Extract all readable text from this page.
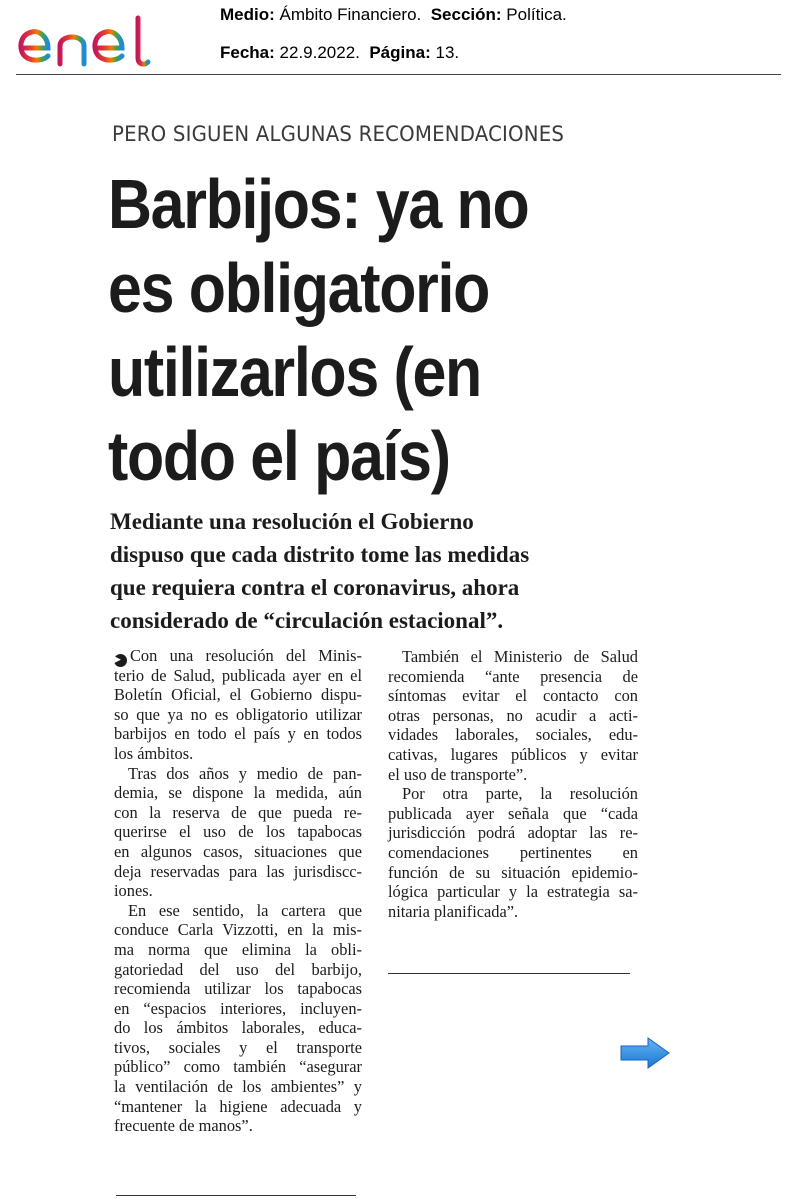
Medio: Ámbito Financiero. Sección: Política.
Fecha: 22.9.2022. Página: 13.
PERO SIGUEN ALGUNAS RECOMENDACIONES
Barbijos: ya no
es obligatorio
utilizarlos (en
todo el país)
Mediante una resolución el Gobierno
dispuso que cada distrito tome las medidas
que requiera contra el coronavirus, ahora
considerado de “circulación estacional”.
▶ Con una resolución del Minis-
terio de Salud, publicada ayer en el
Boletín Oficial, el Gobierno dispu-
so que ya no es obligatorio utilizar
barbijos en todo el país y en todos
los ámbitos.
Tras dos años y medio de pan-
demia, se dispone la medida, aún
con la reserva de que pueda re-
querirse el uso de los tapabocas
en algunos casos, situaciones que
deja reservadas para las jurisdiscc-
iones.
En ese sentido, la cartera que
conduce Carla Vizzotti, en la mis-
ma norma que elimina la obli-
gatoriedad del uso del barbijo,
recomienda utilizar los tapabocas
en “espacios interiores, incluyen-
do los ámbitos laborales, educa-
tivos, sociales y el transporte
público” como también “asegurar
la ventilación de los ambientes” y
“mantener la higiene adecuada y
frecuente de manos”.
También el Ministerio de Salud
recomienda “ante presencia de
síntomas evitar el contacto con
otras personas, no acudir a acti-
vidades laborales, sociales, edu-
cativas, lugares públicos y evitar
el uso de transporte”.
Por otra parte, la resolución
publicada ayer señala que “cada
jurisdicción podrá adoptar las re-
comendaciones pertinentes en
función de su situación epidemio-
lógica particular y la estrategia sa-
nitaria planificada”.
